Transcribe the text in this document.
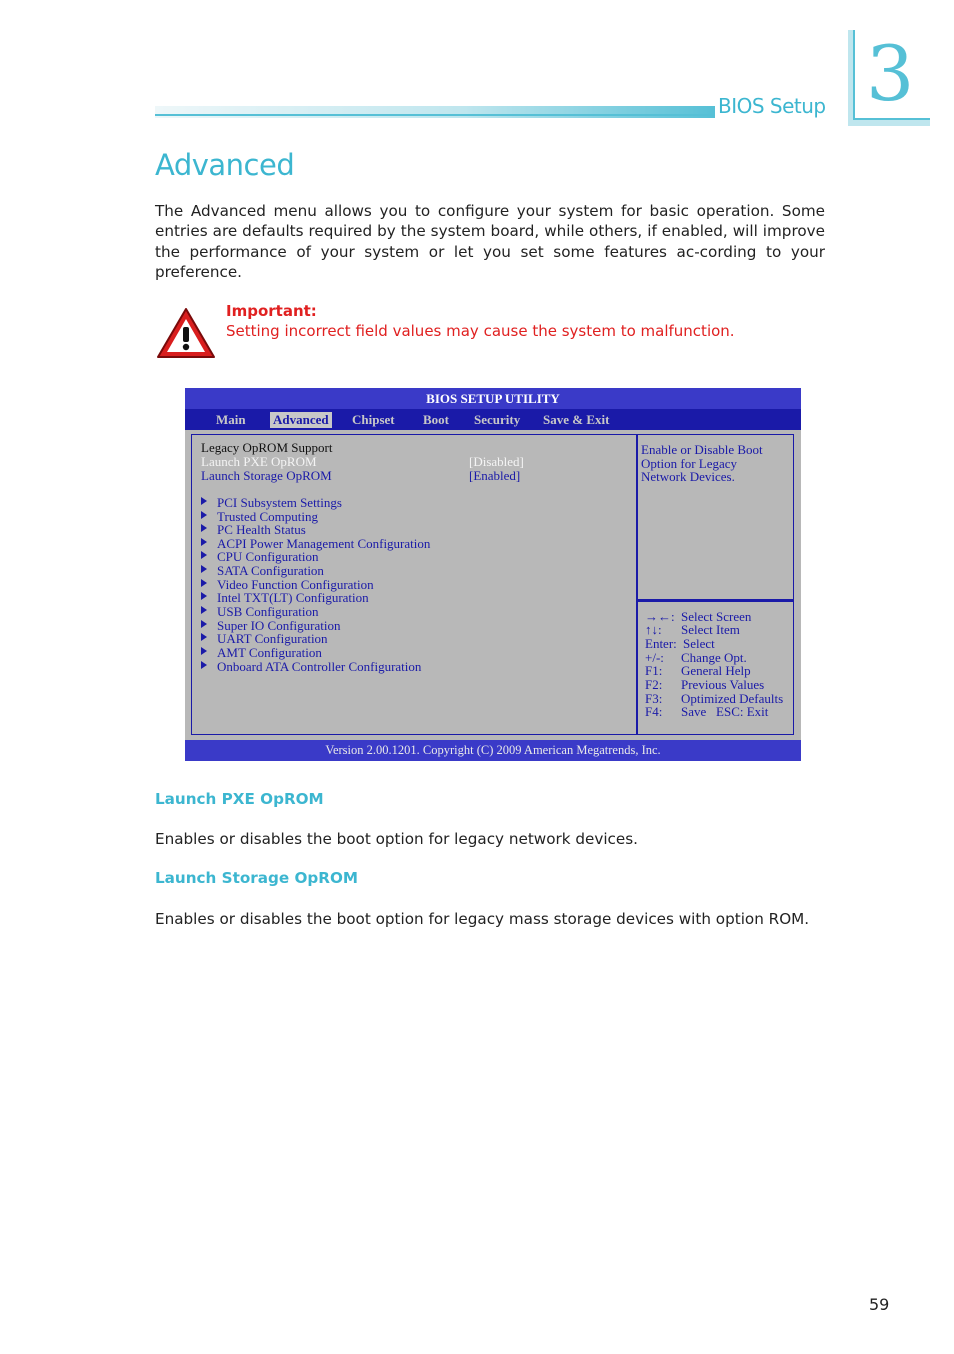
BIOS Setup 3
Advanced

The Advanced menu allows you to configure your system for basic operation. Some entries are defaults required by the system board, while others, if enabled, will improve the performance of your system or let you set some features ac-cording to your preference.

Important:
Setting incorrect field values may cause the system to malfunction.
BIOS SETUP UTILITY
Main Advanced Chipset Boot Security Save & Exit
Legacy OpROM Support
Launch PXE OpROM	[Disabled]
Launch Storage OpROM	[Enabled]
PCI Subsystem Settings
Trusted Computing
PC Health Status
ACPI Power Management Configuration
CPU Configuration
SATA Configuration
Video Function Configuration
Intel TXT(LT) Configuration
USB Configuration
Super IO Configuration
UART Configuration
AMT Configuration
Onboard ATA Controller Configuration
Enable or Disable Boot
Option for Legacy
Network Devices.
→←: Select Screen
↑↓: Select Item
Enter: Select
+/-: Change Opt.
F1: General Help
F2: Previous Values
F3: Optimized Defaults
F4: Save   ESC: Exit
Version 2.00.1201. Copyright (C) 2009 American Megatrends, Inc.
Launch PXE OpROM

Enables or disables the boot option for legacy network devices.

Launch Storage OpROM

Enables or disables the boot option for legacy mass storage devices with option ROM.

59
